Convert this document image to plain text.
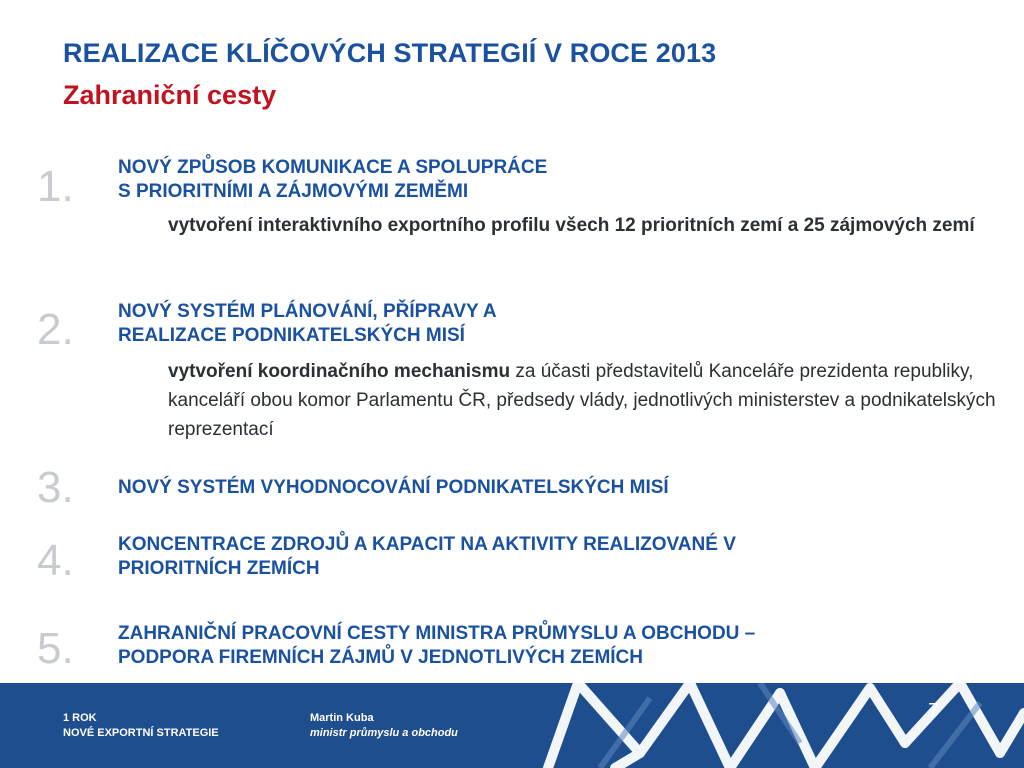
REALIZACE KLÍČOVÝCH STRATEGIÍ V ROCE 2013
Zahraniční cesty
1.	NOVÝ ZPŮSOB KOMUNIKACE A SPOLUPRÁCE
S PRIORITNÍMI A ZÁJMOVÝMI ZEMĚMI
vytvoření interaktivního exportního profilu všech 12 prioritních zemí a 25 zájmových zemí
2.	NOVÝ SYSTÉM PLÁNOVÁNÍ, PŘÍPRAVY A
REALIZACE PODNIKATELSKÝCH MISÍ
vytvoření koordinačního mechanismu za účasti představitelů Kanceláře prezidenta republiky, kanceláří obou komor Parlamentu ČR, předsedy vlády, jednotlivých ministerstev a podnikatelských reprezentací
3.	NOVÝ SYSTÉM VYHODNOCOVÁNÍ PODNIKATELSKÝCH MISÍ
4.	KONCENTRACE ZDROJŮ A KAPACIT NA AKTIVITY REALIZOVANÉ V
PRIORITNÍCH ZEMÍCH
5.	ZAHRANIČNÍ PRACOVNÍ CESTY MINISTRA PRŮMYSLU A OBCHODU –
PODPORA FIREMNÍCH ZÁJMŮ V JEDNOTLIVÝCH ZEMÍCH
1 ROK
NOVÉ EXPORTNÍ STRATEGIE
Martin Kuba
ministr průmyslu a obchodu
7
